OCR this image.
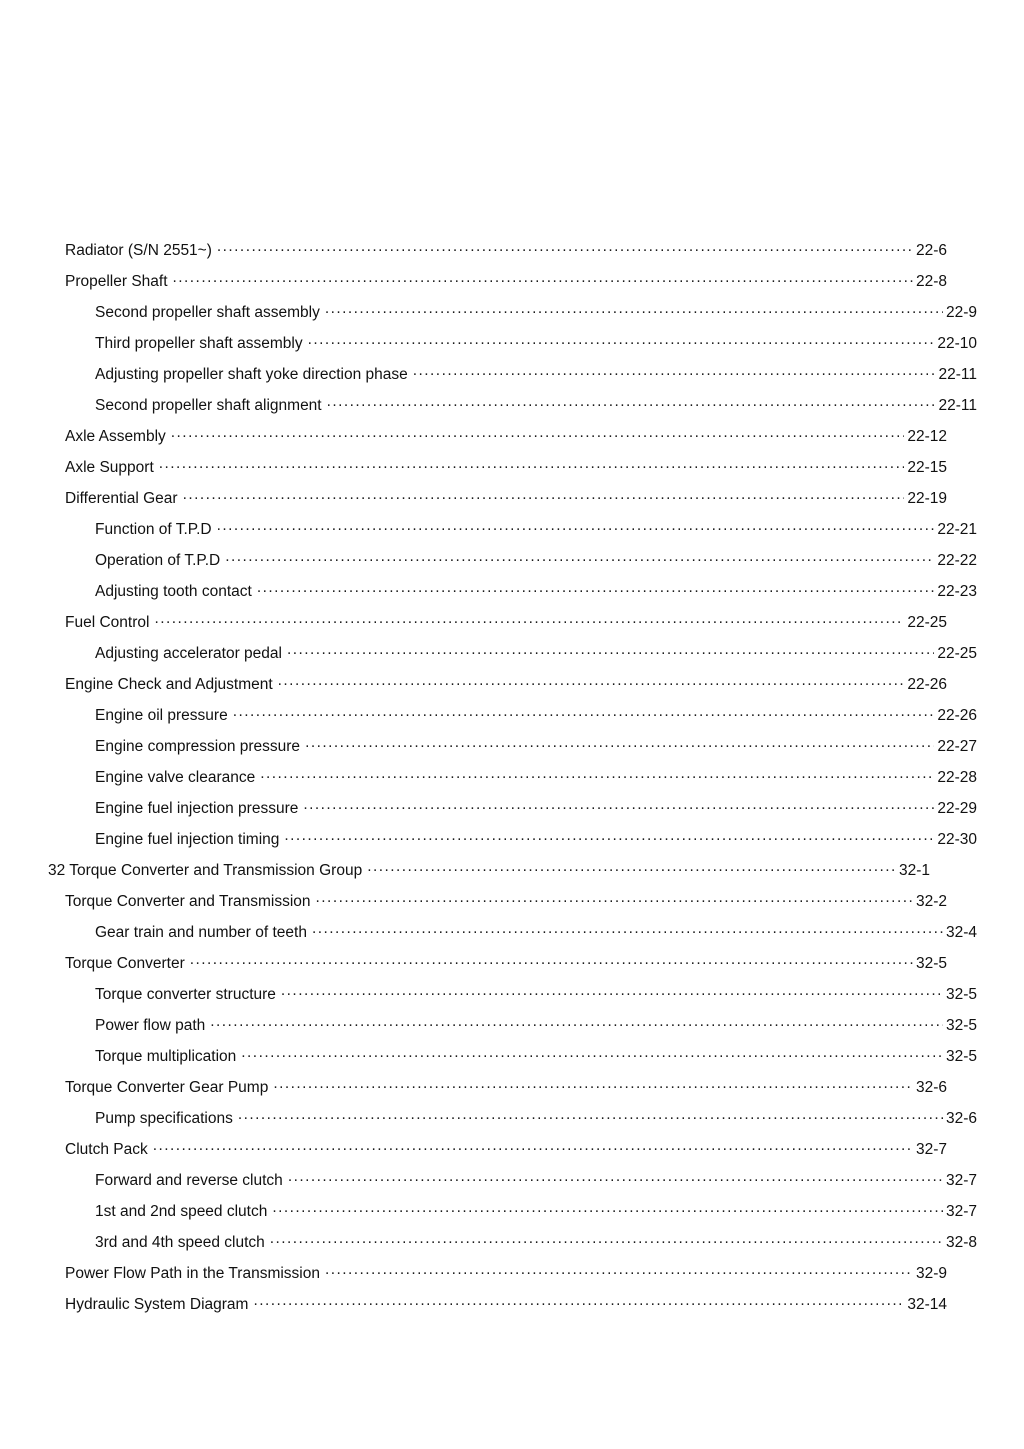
Radiator (S/N 2551~) .....	22-6
Propeller Shaft .....	22-8
Second propeller shaft assembly .....	22-9
Third propeller shaft assembly .....	22-10
Adjusting propeller shaft yoke direction phase .....	22-11
Second propeller shaft alignment .....	22-11
Axle Assembly .....	22-12
Axle Support .....	22-15
Differential Gear .....	22-19
Function of T.P.D .....	22-21
Operation of T.P.D .....	22-22
Adjusting tooth contact .....	22-23
Fuel Control .....	22-25
Adjusting accelerator pedal .....	22-25
Engine Check and Adjustment .....	22-26
Engine oil pressure .....	22-26
Engine compression pressure .....	22-27
Engine valve clearance .....	22-28
Engine fuel injection pressure .....	22-29
Engine fuel injection timing .....	22-30
32 Torque Converter and Transmission Group .....	32-1
Torque Converter and Transmission .....	32-2
Gear train and number of teeth .....	32-4
Torque Converter .....	32-5
Torque converter structure .....	32-5
Power flow path .....	32-5
Torque multiplication .....	32-5
Torque Converter Gear Pump .....	32-6
Pump specifications .....	32-6
Clutch Pack .....	32-7
Forward and reverse clutch .....	32-7
1st and 2nd speed clutch .....	32-7
3rd and 4th speed clutch .....	32-8
Power Flow Path in the Transmission .....	32-9
Hydraulic System Diagram .....	32-14
